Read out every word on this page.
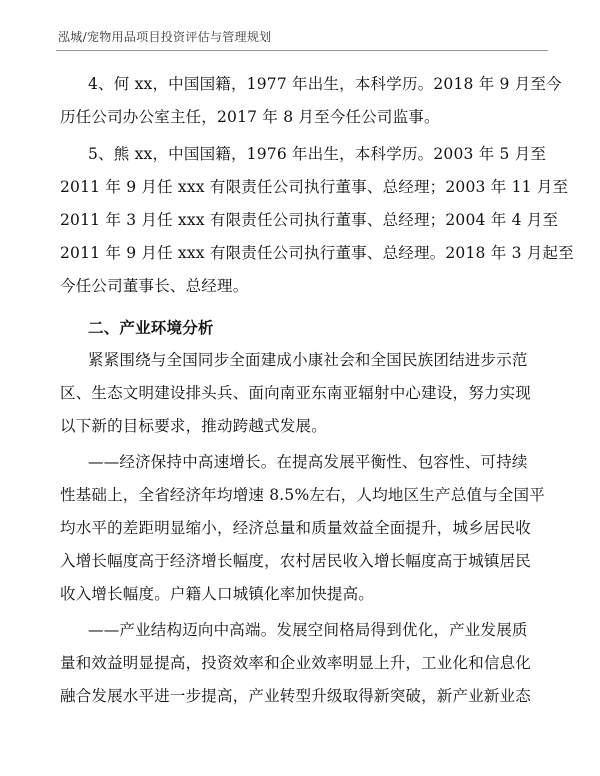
泓城/宠物用品项目投资评估与管理规划

4、何 xx，中国国籍，1977 年出生，本科学历。2018 年 9 月至今
历任公司办公室主任，2017 年 8 月至今任公司监事。

5、熊 xx，中国国籍，1976 年出生，本科学历。2003 年 5 月至
2011 年 9 月任 xxx 有限责任公司执行董事、总经理；2003 年 11 月至
2011 年 3 月任 xxx 有限责任公司执行董事、总经理；2004 年 4 月至
2011 年 9 月任 xxx 有限责任公司执行董事、总经理。2018 年 3 月起至
今任公司董事长、总经理。

二、产业环境分析

紧紧围绕与全国同步全面建成小康社会和全国民族团结进步示范
区、生态文明建设排头兵、面向南亚东南亚辐射中心建设，努力实现
以下新的目标要求，推动跨越式发展。

——经济保持中高速增长。在提高发展平衡性、包容性、可持续
性基础上，全省经济年均增速 8.5%左右，人均地区生产总值与全国平
均水平的差距明显缩小，经济总量和质量效益全面提升，城乡居民收
入增长幅度高于经济增长幅度，农村居民收入增长幅度高于城镇居民
收入增长幅度。户籍人口城镇化率加快提高。

——产业结构迈向中高端。发展空间格局得到优化，产业发展质
量和效益明显提高，投资效率和企业效率明显上升，工业化和信息化
融合发展水平进一步提高，产业转型升级取得新突破，新产业新业态
